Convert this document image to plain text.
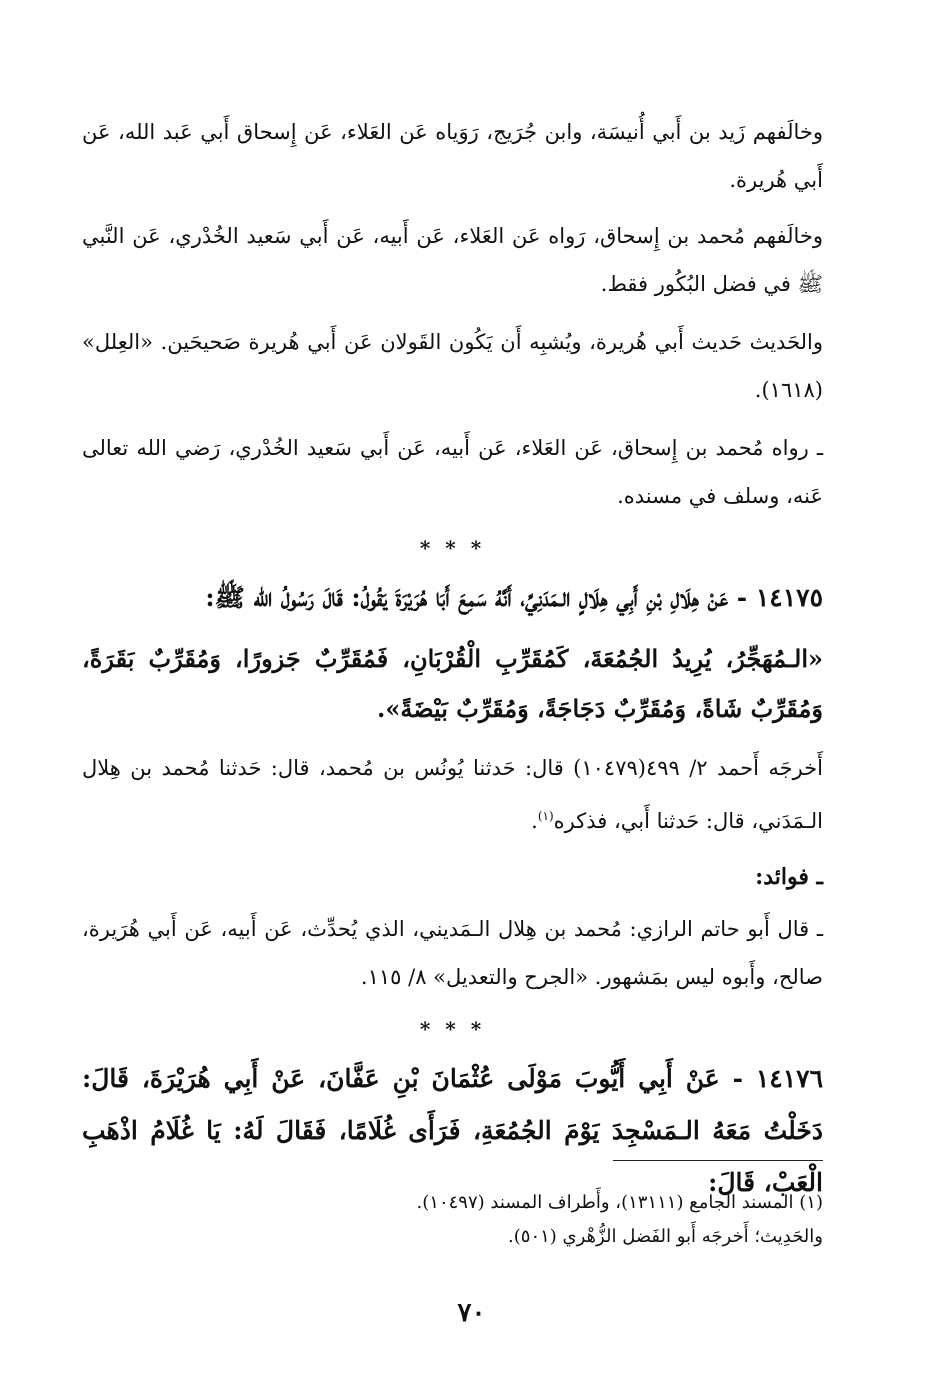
وخالَفهم زَيد بن أَبي أُنيسَة، وابن جُرَيج، رَوَياه عَن العَلاء، عَن إِسحاق أَبي عَبد الله، عَن أَبي هُريرة.

وخالَفهم مُحمد بن إِسحاق، رَواه عَن العَلاء، عَن أَبيه، عَن أَبي سَعيد الخُدْري، عَن النَّبي ﷺ في فضل البُكُور فقط.

والحَديث حَديث أَبي هُريرة، ويُشبِه أَن يَكُون القَولان عَن أَبي هُريرة صَحيحَين. «العِلل» (١٦١٨).

ـ رواه مُحمد بن إِسحاق، عَن العَلاء، عَن أَبيه، عَن أَبي سَعيد الخُدْري، رَضي الله تعالى عَنه، وسلف في مسنده.

* * *

١٤١٧٥ - عَنْ هِلَالِ بْنِ أَبِي هِلَالٍ الـمَدَنِيِّ، أَنَّهُ سَمِعَ أَبَا هُرَيْرَةَ يَقُولُ: قَالَ رَسُولُ الله ﷺ:

«الـمُهَجِّرُ، يُرِيدُ الجُمُعَةَ، كَمُقَرِّبِ الْقُرْبَانِ، فَمُقَرِّبٌ جَزورًا، وَمُقَرِّبٌ بَقَرَةً، وَمُقَرِّبٌ شَاةً، وَمُقَرِّبٌ دَجَاجَةً، وَمُقَرِّبٌ بَيْضَةً».

أَخرجَه أَحمد ٢/ ٤٩٩(١٠٤٧٩) قال: حَدثنا يُونُس بن مُحمد، قال: حَدثنا مُحمد بن هِلال الـمَدَني، قال: حَدثنا أَبي، فذكره$^{(١)}$.

ـ فوائد:

ـ قال أَبو حاتم الرازي: مُحمد بن هِلال الـمَديني، الذي يُحدِّث، عَن أَبيه، عَن أَبي هُرَيرة، صالح، وأَبوه ليس بمَشهور. «الجرح والتعديل» ٨/ ١١٥.

* * *

١٤١٧٦ - عَنْ أَبِي أَيُّوبَ مَوْلَى عُثْمَانَ بْنِ عَفَّانَ، عَنْ أَبِي هُرَيْرَةَ، قَالَ: دَخَلْتُ مَعَهُ الـمَسْجِدَ يَوْمَ الجُمُعَةِ، فَرَأَى غُلَامًا، فَقَالَ لَهُ: يَا غُلَامُ اذْهَبِ الْعَبْ، قَالَ:

(١) المسند الجامع (١٣١١١)، وأَطراف المسند (١٠٤٩٧).
والحَدِيث؛ أَخرجَه أَبو الفَضل الزُّهْري (٥٠١).
٧٠
